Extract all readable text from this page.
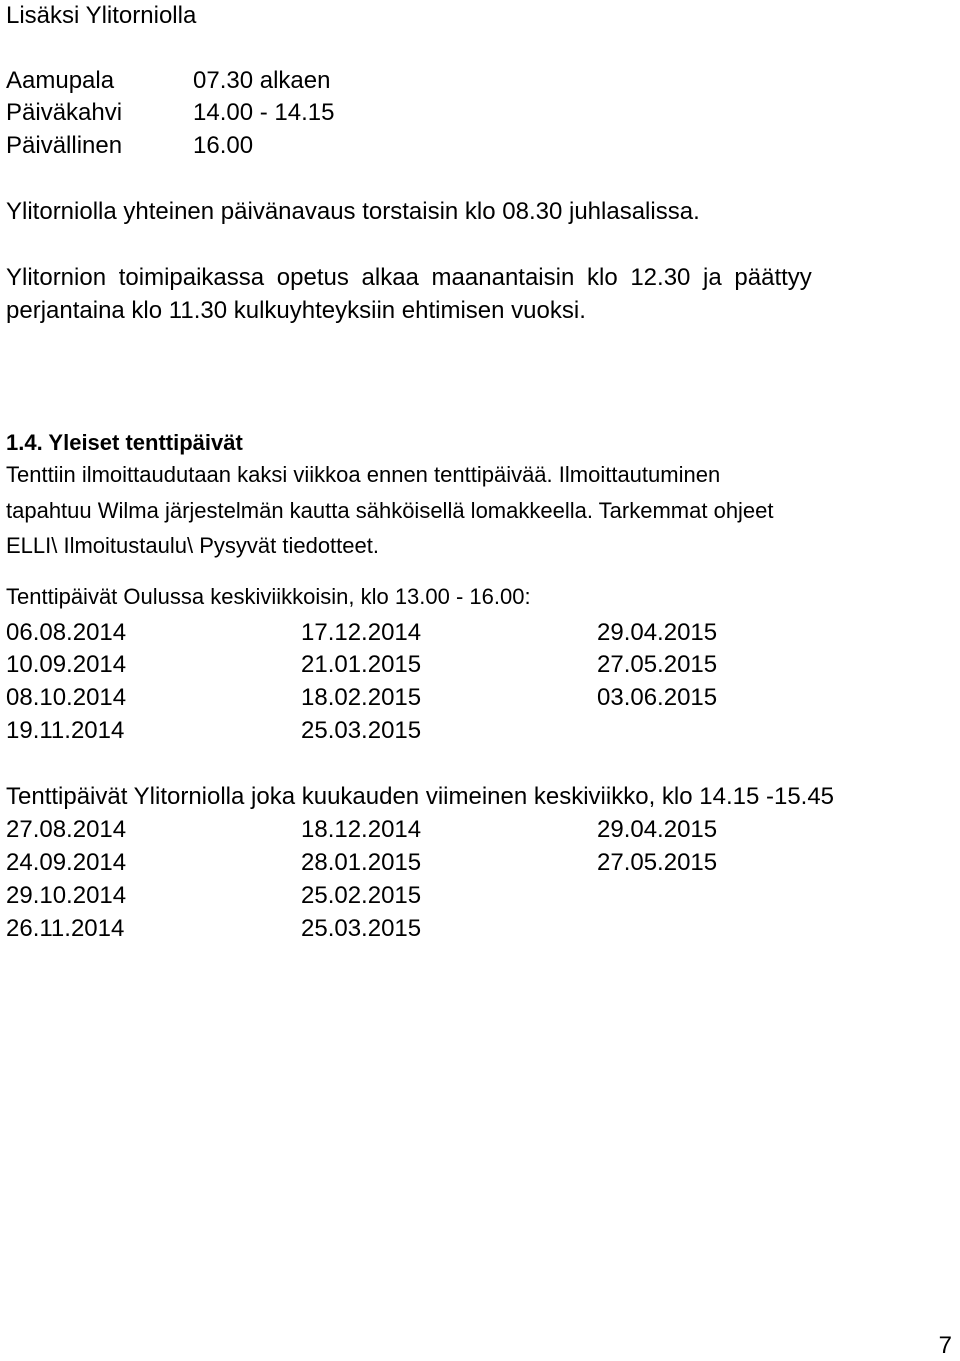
Lisäksi Ylitorniolla
Aamupala	07.30 alkaen
Päiväkahvi	14.00 - 14.15
Päivällinen	16.00
Ylitorniolla yhteinen päivänavaus torstaisin klo 08.30 juhlasalissa.
Ylitornion toimipaikassa opetus alkaa maanantaisin klo 12.30 ja päättyy
perjantaina klo 11.30 kulkuyhteyksiin ehtimisen vuoksi.
1.4. Yleiset tenttipäivät
Tenttiin ilmoittaudutaan kaksi viikkoa ennen tenttipäivää. Ilmoittautuminen
tapahtuu Wilma järjestelmän kautta sähköisellä lomakkeella. Tarkemmat ohjeet
ELLI\ Ilmoitustaulu\ Pysyvät tiedotteet.
Tenttipäivät Oulussa keskiviikkoisin, klo 13.00 - 16.00:
06.08.2014	17.12.2014	29.04.2015
10.09.2014	21.01.2015	27.05.2015
08.10.2014	18.02.2015	03.06.2015
19.11.2014	25.03.2015
Tenttipäivät Ylitorniolla joka kuukauden viimeinen keskiviikko, klo 14.15 -15.45
27.08.2014	18.12.2014	29.04.2015
24.09.2014	28.01.2015	27.05.2015
29.10.2014	25.02.2015
26.11.2014	25.03.2015
7
